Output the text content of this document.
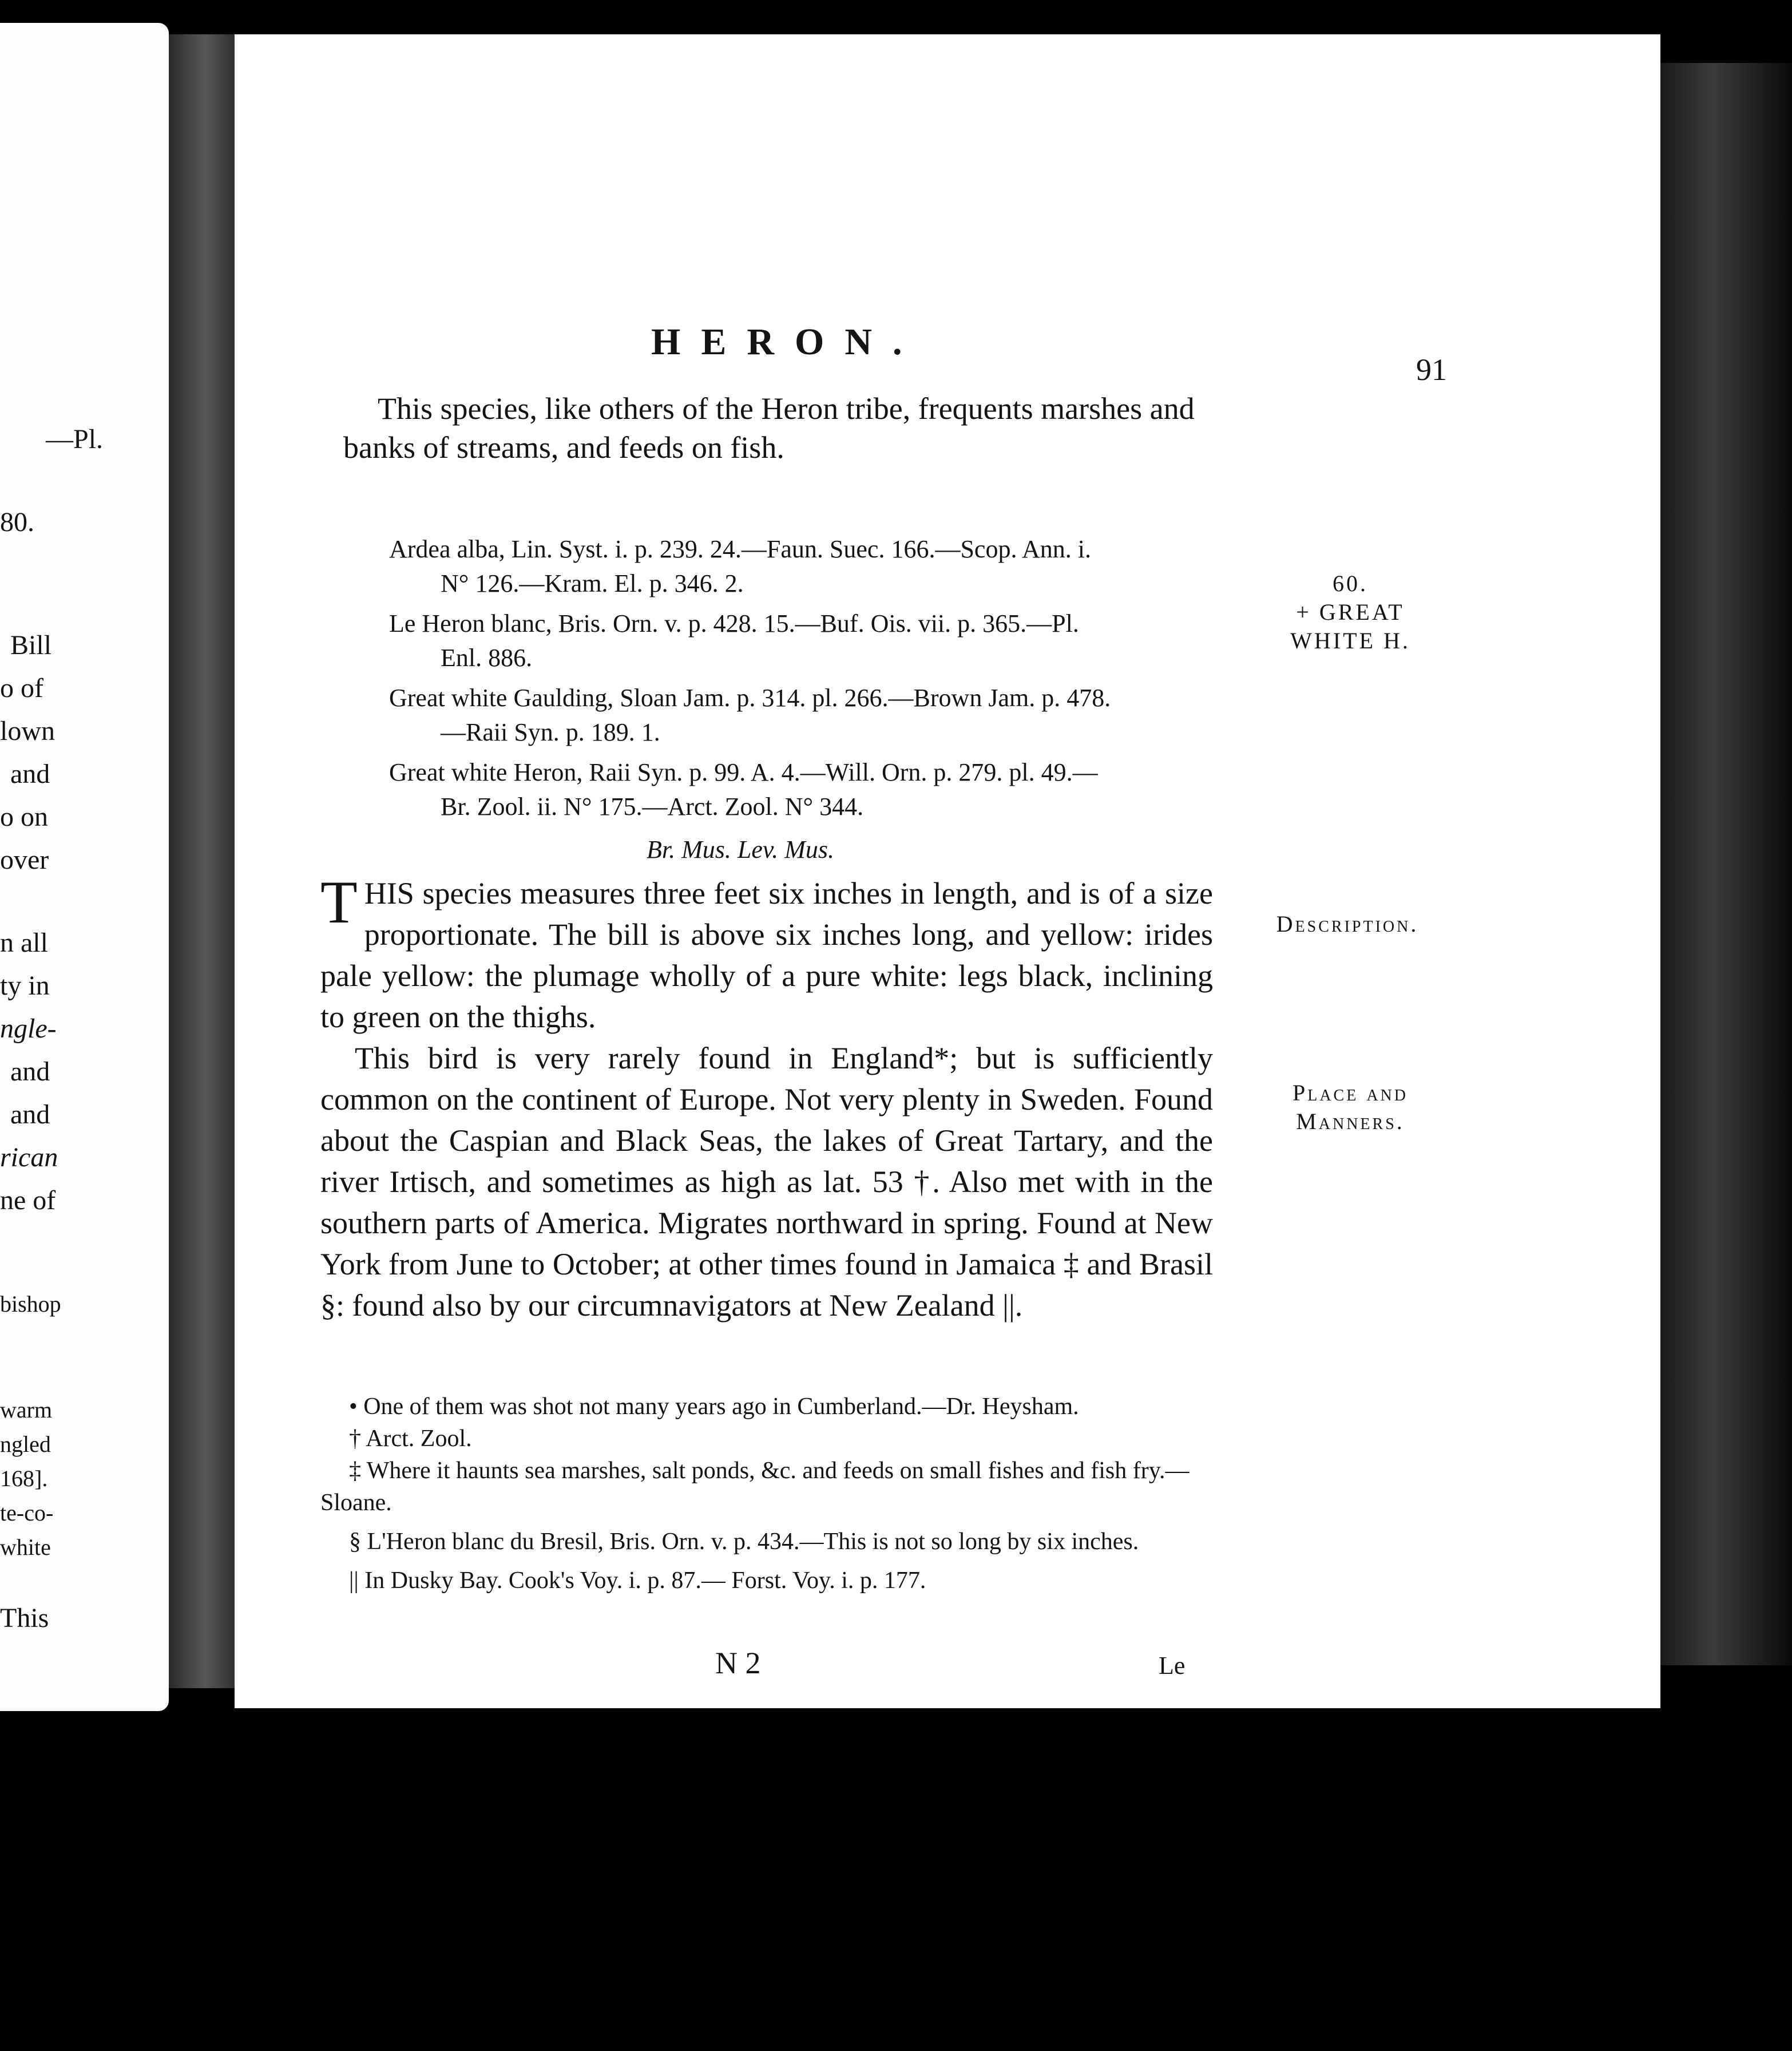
—Pl.
80.
Bill
o of
lown
and
o on
over
n all
ty in
ngle-
and
and
rican
ne of
bishop
warm
ngled
168].
te-co-
white
This
HERON.
91
This species, like others of the Heron tribe, frequents marshes and banks of streams, and feeds on fish.
Ardea alba, Lin. Syst. i. p. 239. 24.—Faun. Suec. 166.—Scop. Ann. i.
N° 126.—Kram. El. p. 346. 2.
Le Heron blanc, Bris. Orn. v. p. 428. 15.—Buf. Ois. vii. p. 365.—Pl.
Enl. 886.
Great white Gaulding, Sloan Jam. p. 314. pl. 266.—Brown Jam. p. 478.
—Raii Syn. p. 189. 1.
Great white Heron, Raii Syn. p. 99. A. 4.—Will. Orn. p. 279. pl. 49.—
Br. Zool. ii. N° 175.—Arct. Zool. N° 344.
Br. Mus. Lev. Mus.
60.
+ GREAT
WHITE H.
Description.
Place and
Manners.

T HIS species measures three feet six inches in length, and is of a size proportionate. The bill is above six inches long, and yellow: irides pale yellow: the plumage wholly of a pure white: legs black, inclining to green on the thighs.

This bird is very rarely found in England*; but is sufficiently common on the continent of Europe. Not very plenty in Sweden. Found about the Caspian and Black Seas, the lakes of Great Tartary, and the river Irtisch, and sometimes as high as lat. 53 †. Also met with in the southern parts of America. Migrates northward in spring. Found at New York from June to October; at other times found in Jamaica ‡ and Brasil §: found also by our circumnavigators at New Zealand ||.

• One of them was shot not many years ago in Cumberland.—Dr. Heysham.
† Arct. Zool.
‡ Where it haunts sea marshes, salt ponds, &c. and feeds on small fishes and fish fry.—Sloane.
§ L'Heron blanc du Bresil, Bris. Orn. v. p. 434.—This is not so long by six inches.
|| In Dusky Bay. Cook's Voy. i. p. 87.— Forst. Voy. i. p. 177.
N 2	Le
